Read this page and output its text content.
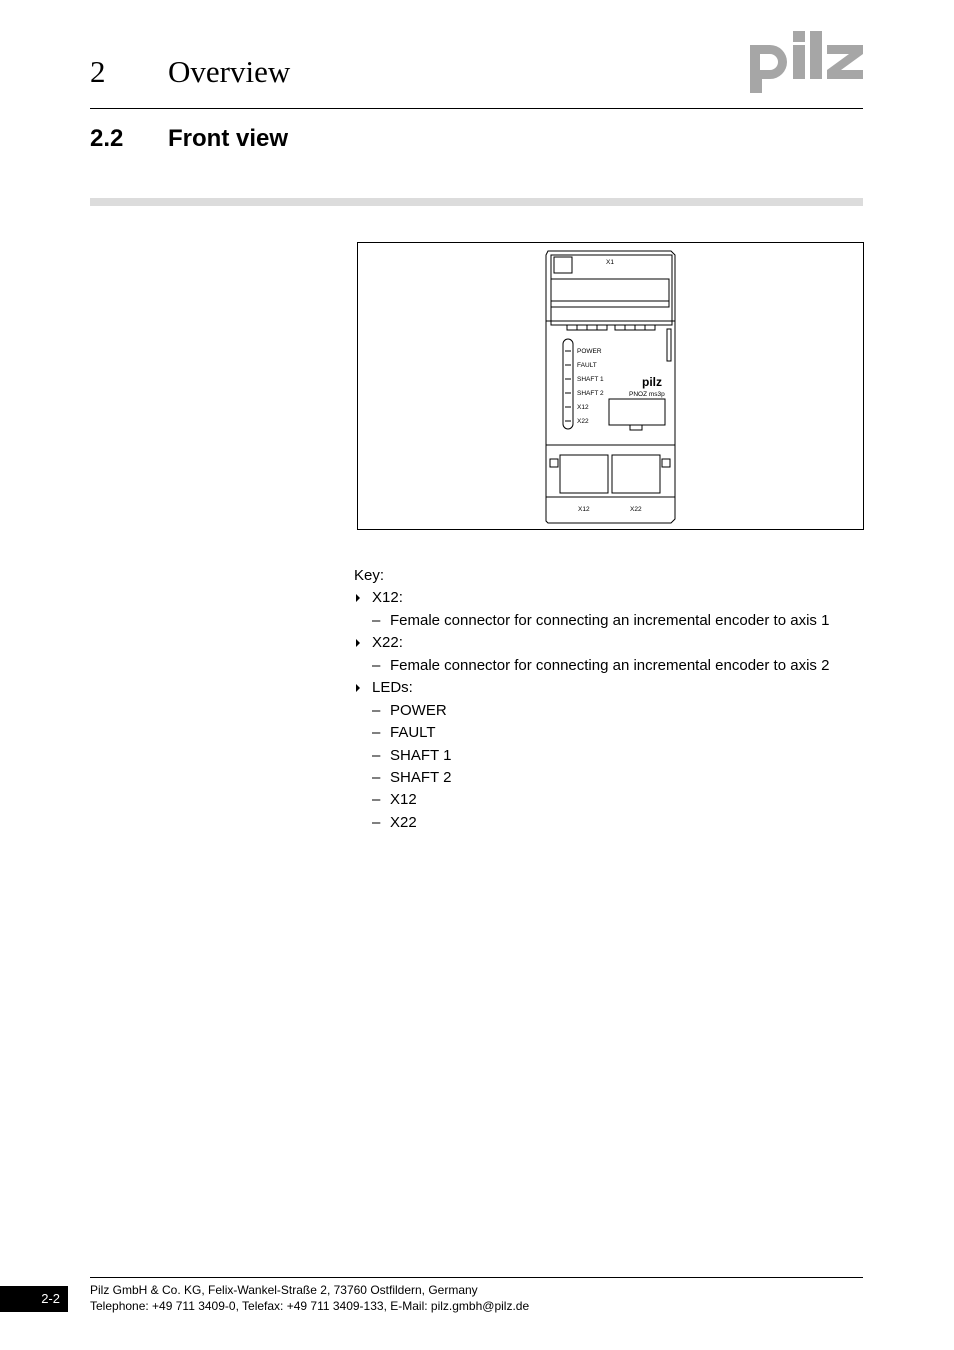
2 Overview
2.2 Front view
X1
POWER
FAULT
SHAFT 1
SHAFT 2
X12
X22
pilz
PNOZ ms3p
X12	X22
Key:
X12:
– Female connector for connecting an incremental encoder to axis 1
X22:
– Female connector for connecting an incremental encoder to axis 2
LEDs:
– POWER
– FAULT
– SHAFT 1
– SHAFT 2
– X12
– X22
2-2
Pilz GmbH & Co. KG, Felix-Wankel-Straße 2, 73760 Ostfildern, Germany
Telephone: +49 711 3409-0, Telefax: +49 711 3409-133, E-Mail: pilz.gmbh@pilz.de
